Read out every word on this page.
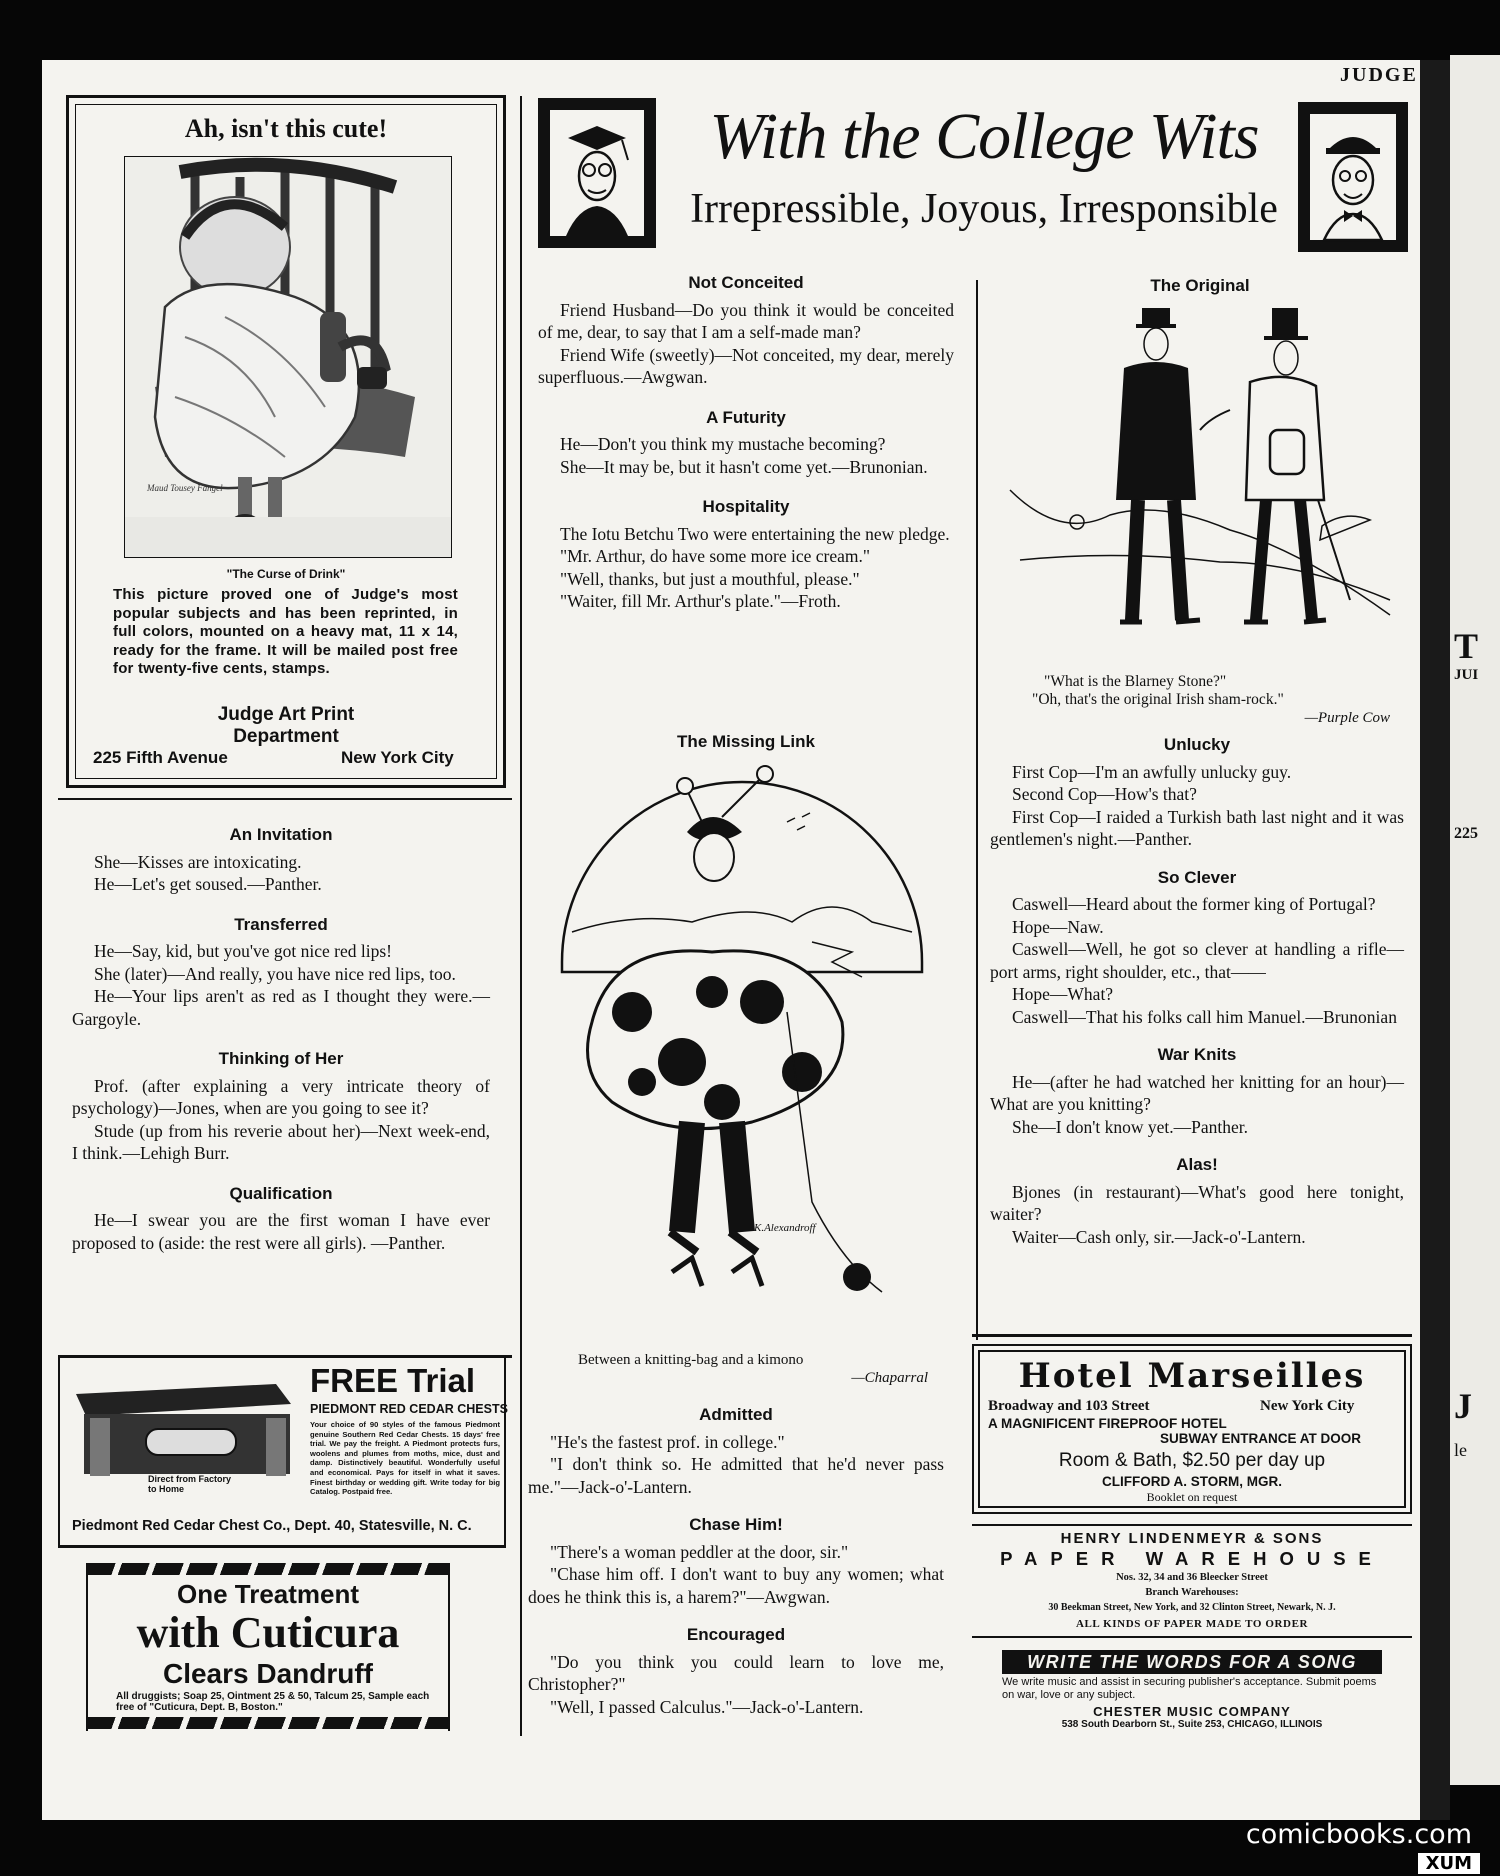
T
JUI
225
J
le
JUDGE
Ah, isn't this cute!
Maud Tousey Fangel
"The Curse of Drink"
This picture proved one of Judge's most popular subjects and has been reprinted, in full colors, mounted on a heavy mat, 11 x 14, ready for the frame. It will be mailed post free for twenty-five cents, stamps.
Judge Art Print
Department
225 Fifth Avenue	New York City
An Invitation

She—Kisses are intoxicating.

He—Let's get soused.—Panther.

Transferred

He—Say, kid, but you've got nice red lips!

She (later)—And really, you have nice red lips, too.

He—Your lips aren't as red as I thought they were.—Gargoyle.

Thinking of Her

Prof. (after explaining a very intricate theory of psychology)—Jones, when are you going to see it?

Stude (up from his reverie about her)—Next week-end, I think.—Lehigh Burr.

Qualification

He—I swear you are the first woman I have ever proposed to (aside: the rest were all girls). —Panther.

Direct from Factory to Home
FREE Trial
PIEDMONT RED CEDAR CHESTS
Your choice of 90 styles of the famous Piedmont genuine Southern Red Cedar Chests. 15 days' free trial. We pay the freight. A Piedmont protects furs, woolens and plumes from moths, mice, dust and damp. Distinctively beautiful. Wonderfully useful and economical. Pays for itself in what it saves. Finest birthday or wedding gift. Write today for big Catalog. Postpaid free.
Piedmont Red Cedar Chest Co., Dept. 40, Statesville, N. C.
One Treatment
with Cuticura
Clears Dandruff
All druggists; Soap 25, Ointment 25 & 50, Talcum 25, Sample each free of "Cuticura, Dept. B, Boston."
With the College Wits
Irrepressible, Joyous, Irresponsible
Not Conceited

Friend Husband—Do you think it would be conceited of me, dear, to say that I am a self-made man?

Friend Wife (sweetly)—Not conceited, my dear, merely superfluous.—Awgwan.

A Futurity

He—Don't you think my mustache becoming?

She—It may be, but it hasn't come yet.—Brunonian.

Hospitality

The Iotu Betchu Two were entertaining the new pledge.

"Mr. Arthur, do have some more ice cream."

"Well, thanks, but just a mouthful, please."

"Waiter, fill Mr. Arthur's plate."—Froth.

The Missing Link
K.Alexandroff
Between a knitting-bag and a kimono
—Chaparral
Admitted

"He's the fastest prof. in college."

"I don't think so. He admitted that he'd never pass me."—Jack-o'-Lantern.

Chase Him!

"There's a woman peddler at the door, sir."

"Chase him off. I don't want to buy any women; what does he think this is, a harem?"—Awgwan.

Encouraged

"Do you think you could learn to love me, Christopher?"

"Well, I passed Calculus."—Jack-o'-Lantern.

The Original
"What is the Blarney Stone?"
"Oh, that's the original Irish sham-rock."
—Purple Cow
Unlucky

First Cop—I'm an awfully unlucky guy.

Second Cop—How's that?

First Cop—I raided a Turkish bath last night and it was gentlemen's night.—Panther.

So Clever

Caswell—Heard about the former king of Portugal?

Hope—Naw.

Caswell—Well, he got so clever at handling a rifle—port arms, right shoulder, etc., that——

Hope—What?

Caswell—That his folks call him Manuel.—Brunonian

War Knits

He—(after he had watched her knitting for an hour)—What are you knitting?

She—I don't know yet.—Panther.

Alas!

Bjones (in restaurant)—What's good here tonight, waiter?

Waiter—Cash only, sir.—Jack-o'-Lantern.

Hotel Marseilles
Broadway and 103 Street	New York City
A MAGNIFICENT FIREPROOF HOTEL
SUBWAY ENTRANCE AT DOOR
Room & Bath, $2.50 per day up
CLIFFORD A. STORM, MGR.
Booklet on request
HENRY LINDENMEYR & SONS
PAPER WAREHOUSE
Nos. 32, 34 and 36 Bleecker Street
Branch Warehouses:
30 Beekman Street, New York, and 32 Clinton Street, Newark, N. J.
ALL KINDS OF PAPER MADE TO ORDER
WRITE THE WORDS FOR A SONG
We write music and assist in securing publisher's acceptance. Submit poems on war, love or any subject.
CHESTER MUSIC COMPANY
538 South Dearborn St., Suite 253, CHICAGO, ILLINOIS
comicbooks.com
XUM
